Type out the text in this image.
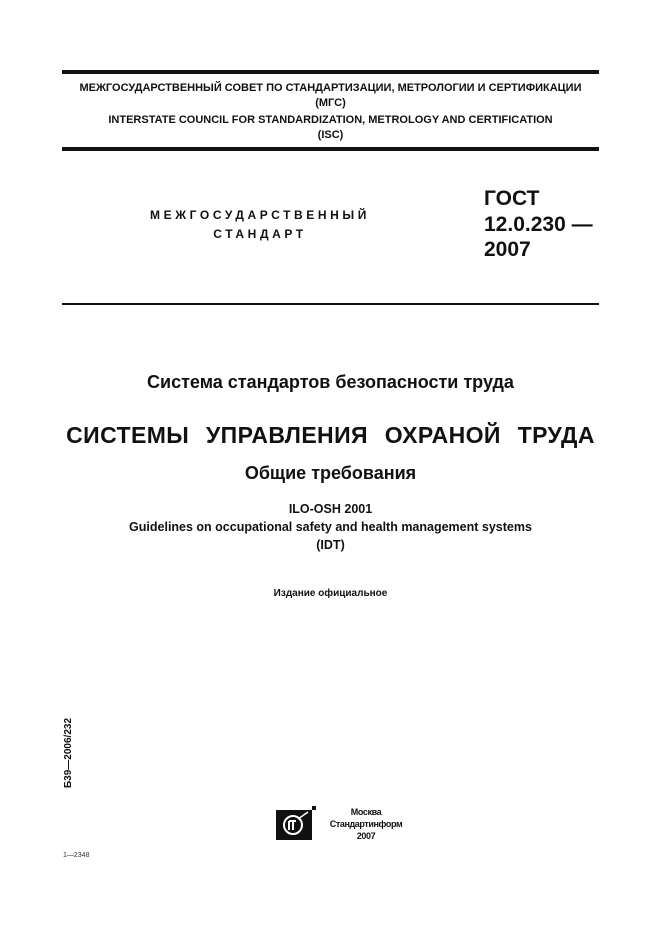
МЕЖГОСУДАРСТВЕННЫЙ СОВЕТ ПО СТАНДАРТИЗАЦИИ, МЕТРОЛОГИИ И СЕРТИФИКАЦИИ
(МГС)
INTERSTATE COUNCIL FOR STANDARDIZATION, METROLOGY AND CERTIFICATION
(ISC)
МЕЖГОСУДАРСТВЕННЫЙ
СТАНДАРТ
ГОСТ
12.0.230 —
2007
Система стандартов безопасности труда
СИСТЕМЫ УПРАВЛЕНИЯ ОХРАНОЙ ТРУДА
Общие требования
ILO-OSH 2001
Guidelines on occupational safety and health management systems
(IDT)
Издание официальное
Б39—2006/232
1—2348
Москва
Стандартинформ
2007
